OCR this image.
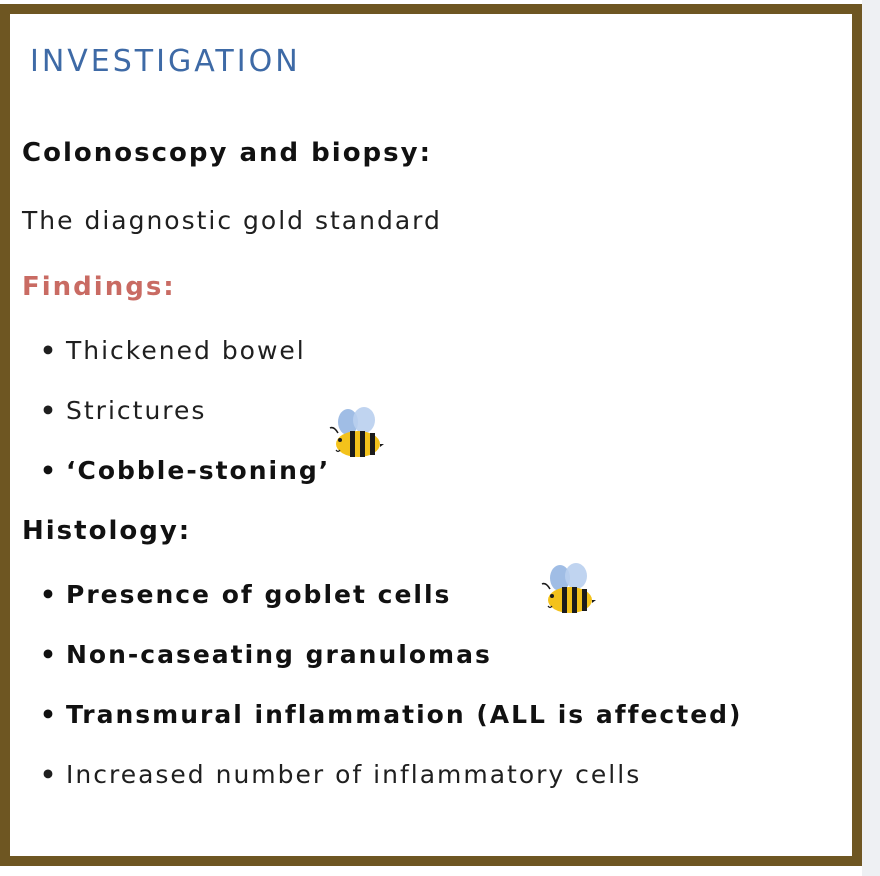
INVESTIGATION
Colonoscopy and biopsy:
The diagnostic gold standard
Findings:
• Thickened bowel
• Strictures
• ‘Cobble-stoning’
Histology:
• Presence of goblet cells
• Non-caseating granulomas
• Transmural inflammation (ALL is affected)
• Increased number of inflammatory cells
